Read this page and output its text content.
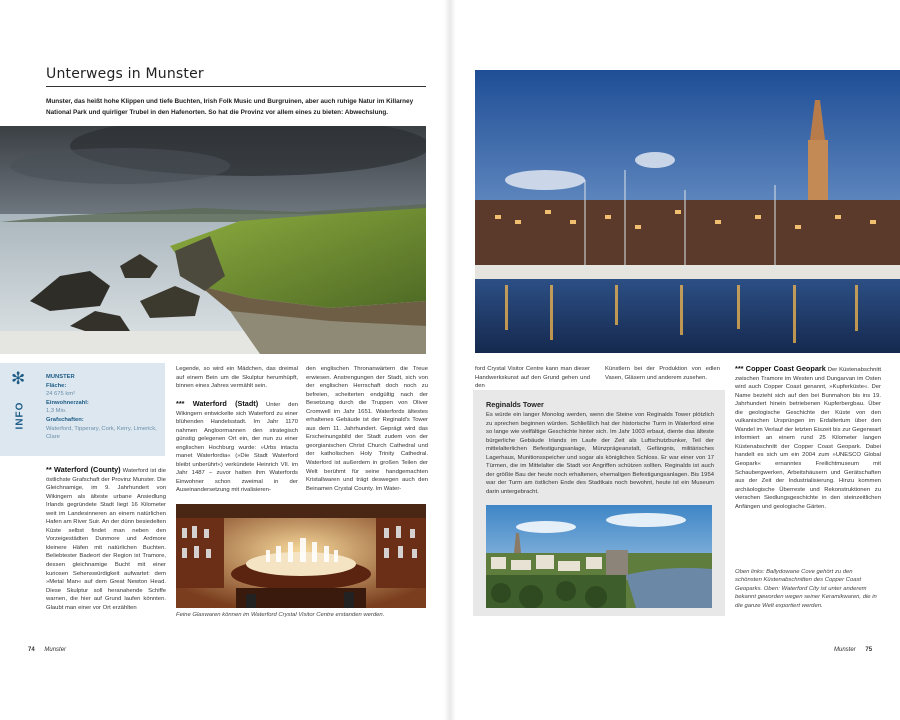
Unterwegs in Munster

Munster, das heißt hohe Klippen und tiefe Buchten, Irish Folk Music und Burgruinen, aber auch ruhige Natur im Killarney National Park und quirliger Trubel in den Hafenorten. So hat die Provinz vor allem eines zu bieten: Abwechslung.

✻
INFO
MUNSTER
Fläche:
24 675 km²
Einwohnerzahl:
1,3 Mio.
Grafschaften:
Waterford, Tipperary, Cork, Kerry, Limerick, Clare
** Waterford (County) Waterford ist die östlichste Grafschaft der Provinz Munster. Die Gleichnamige, im 9. Jahrhundert von Wikingern als älteste urbane Ansiedlung Irlands gegründete Stadt liegt 16 Kilometer weit im Landesinneren an einem natürlichen Hafen am River Suir. An der dünn besiedelten Küste selbst findet man neben den Vorzeigestädten Dunmore und Ardmore kleinere Häfen mit natürlichen Buchten. Beliebtester Badeort der Region ist Tramore, dessen gleichnamige Bucht mit einer kuriosen Sehenswürdigkeit aufwartet: dem »Metal Man« auf dem Great Newton Head. Diese Skulptur soll heranahende Schiffe warnen, die hier auf Grund laufen könnten. Glaubt man einer vor Ort erzählten
Legende, so wird ein Mädchen, das dreimal auf einem Bein um die Skulptur herumhüpft, binnen eines Jahres vermählt sein.
*** Waterford (Stadt) Unter den Wikingern entwickelte sich Waterford zu einer blühenden Handelsstadt. Im Jahr 1170 nahmen Angloormannen den strategisch günstig gelegenen Ort ein, der nun zu einer englischen Hochburg wurde: »Urbs intacta manet Waterfordia« (»Die Stadt Waterford bleibt unberührt«) verkündete Heinrich VII. im Jahr 1487 – zuvor hatten ihm Waterfords Einwohner schon zweimal in der Auseinandersetzung mit rivalisieren-
den englischen Thronanwärtern die Treue erwiesen. Anstrengungen der Stadt, sich von der englischen Herrschaft doch noch zu befreien, scheiterten endgültig nach der Besetzung durch die Truppen von Oliver Cromwell im Jahr 1651. Waterfords ältestes erhaltenes Gebäude ist der Reginald's Tower aus dem 11. Jahrhundert. Geprägt wird das Erscheinungsbild der Stadt zudem von der georgianischen Christ Church Cathedral und der katholischen Holy Trinity Cathedral. Waterford ist außerdem in großen Teilen der Welt berühmt für seine handgemachten Kristallwaren und trägt deswegen auch den Beinamen Crystal County. Im Water-

Feine Glaswaren können im Waterford Crystal Visitor Centre erstanden werden.

74 Munster
ford Crystal Visitor Centre kann man dieser Handwerkskunst auf den Grund gehen und den
Künstlern bei der Produktion von edlen Vasen, Gläsern und anderem zusehen.
Reginalds Tower

Es würde ein langer Monolog werden, wenn die Steine von Reginalds Tower plötzlich zu sprechen beginnen würden. Schließlich hat der historische Turm in Waterford eine so lange wie vielfältige Geschichte hinter sich. Im Jahr 1003 erbaut, diente das älteste bürgerliche Gebäude Irlands im Laufe der Zeit als Luftschutzbunker, Teil der mittelalterlichen Befestigungsanlage, Münzprägeanstalt, Gefängnis, militärisches Lagerhaus, Munitionsspeicher und sogar als königliches Schloss. Er war einer von 17 Türmen, die im Mittelalter die Stadt vor Angriffen schützen sollten. Reginalds ist auch der größte Bau der heute noch erhaltenen, ehemaligen Befestigungsanlagen. Bis 1954 war der Turm am östlichen Ende des Stadtkais noch bewohnt, heute ist ein Museum darin untergebracht.

*** Copper Coast Geopark Der Küstenabschnitt zwischen Tramore im Westen und Dungarvan im Osten wird auch Copper Coast genannt, »Kupferküste«. Der Name bezieht sich auf den bei Bunmahon bis ins 19. Jahrhundert hinein betriebenen Kupferbergbau. Über die geologische Geschichte der Küste von den vulkanischen Ursprüngen im Erdaltertum über den Wandel im Verlauf der letzten Eiszeit bis zur Gegenwart informiert an einem rund 25 Kilometer langen Küstenabschnitt der Copper Coast Geopark. Dabei handelt es sich um ein 2004 zum »UNESCO Global Geopark« ernanntes Freilichtmuseum mit Schaubergwerken, Arbeitshäusern und Gerätschaften aus der Zeit der Industrialisierung. Hinzu kommen archäologische Überreste und Rekonstruktionen zu vierschen Siedlungsgeschichte in den steinzeitlichen Anfängen und geologische Gärten.

Oben links: Ballydowane Cove gehört zu den schönsten Küstenabschnitten des Copper Coast Geoparks. Oben: Waterford City ist unter anderem bekannt geworden wegen seiner Keramikwaren, die in die ganze Welt exportiert werden.

Munster 75
